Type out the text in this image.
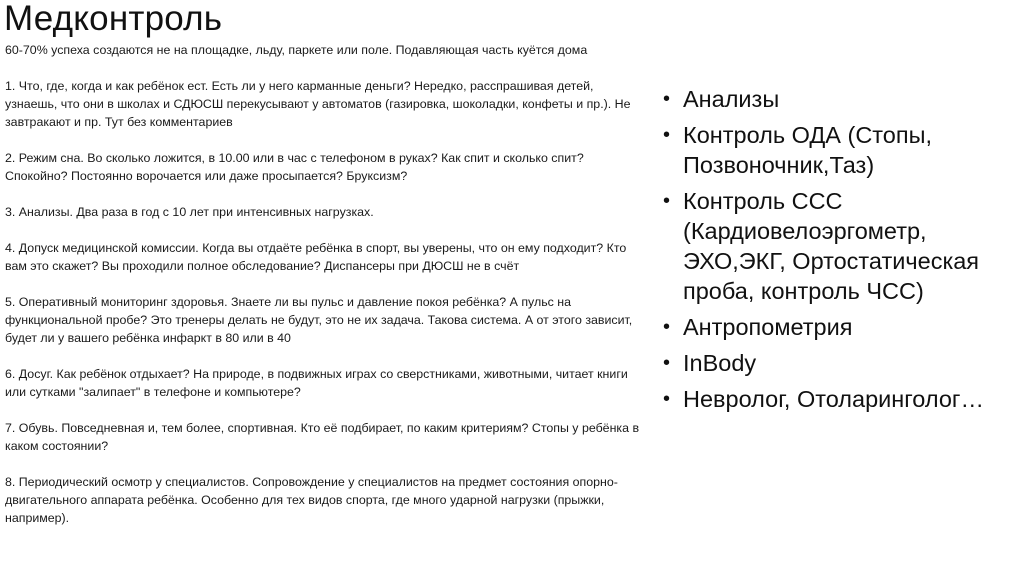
Медконтроль

60-70% успеха создаются не на площадке, льду, паркете или поле. Подавляющая часть куётся дома

1. Что, где, когда и как ребёнок ест. Есть ли у него карманные деньги? Нередко, расспрашивая детей, узнаешь, что они в школах и СДЮСШ перекусывают у автоматов (газировка, шоколадки, конфеты и пр.). Не завтракают и пр. Тут без комментариев

2. Режим сна. Во сколько ложится, в 10.00 или в час с телефоном в руках? Как спит и сколько спит? Спокойно? Постоянно ворочается или даже просыпается? Бруксизм?

3. Анализы. Два раза в год с 10 лет при интенсивных нагрузках.

4. Допуск медицинской комиссии. Когда вы отдаёте ребёнка в спорт, вы уверены, что он ему подходит? Кто вам это скажет? Вы проходили полное обследование? Диспансеры при ДЮСШ не в счёт

5. Оперативный мониторинг здоровья. Знаете ли вы пульс и давление покоя ребёнка? А пульс на функциональной пробе? Это тренеры делать не будут, это не их задача. Такова система. А от этого зависит, будет ли у вашего ребёнка инфаркт в 80 или в 40

6. Досуг. Как ребёнок отдыхает? На природе, в подвижных играх со сверстниками, животными, читает книги или сутками "залипает" в телефоне и компьютере?

7. Обувь. Повседневная и, тем более, спортивная. Кто её подбирает, по каким критериям? Стопы у ребёнка в каком состоянии?

8. Периодический осмотр у специалистов. Сопровождение у специалистов на предмет состояния опорно-двигательного аппарата ребёнка. Особенно для тех видов спорта, где много ударной нагрузки (прыжки, например).

• Анализы
• Контроль ОДА (Стопы, Позвоночник,Таз)
• Контроль ССС (Кардиовелоэргометр, ЭХО,ЭКГ, Ортостатическая проба, контроль ЧСС)
• Антропометрия
• InBody
• Невролог, Отоларинголог…
